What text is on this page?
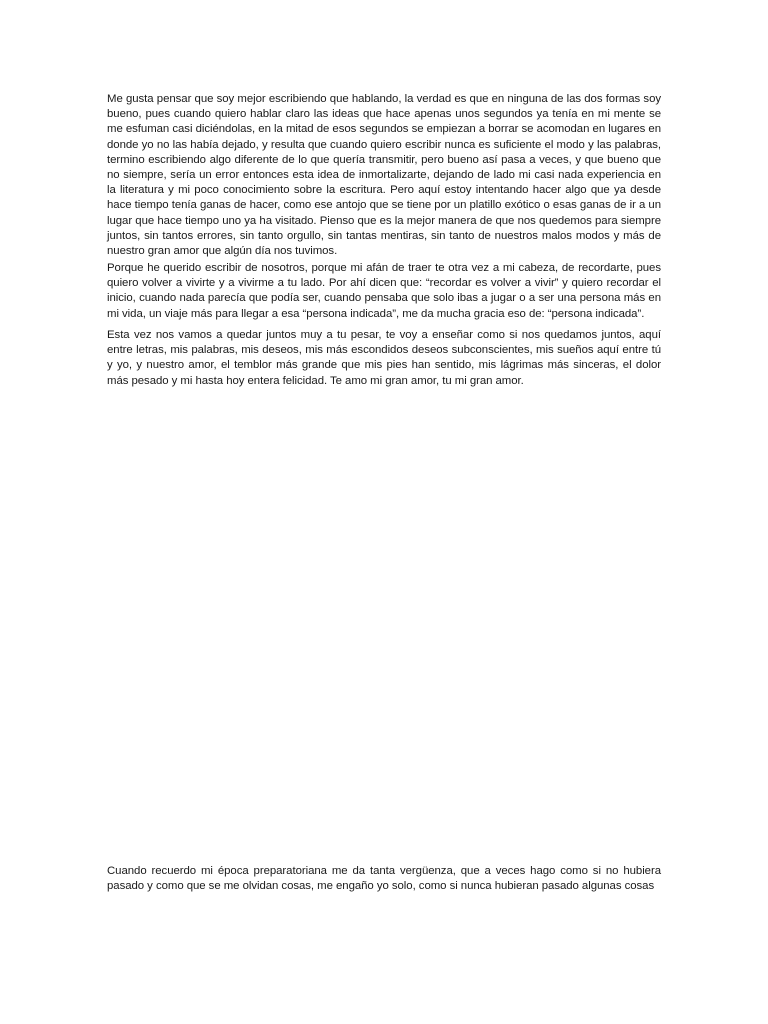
Me gusta pensar que soy mejor escribiendo que hablando, la verdad es que en ninguna de las dos formas soy bueno, pues cuando quiero hablar claro las ideas que hace apenas unos segundos ya tenía en mi mente se me esfuman casi diciéndolas, en la mitad de esos segundos se empiezan a borrar se acomodan en lugares en donde yo no las había dejado, y resulta que cuando quiero escribir nunca es suficiente el modo y las palabras, termino escribiendo algo diferente de lo que quería transmitir, pero bueno así pasa a veces, y que bueno que no siempre, sería un error entonces esta idea de inmortalizarte, dejando de lado mi casi nada experiencia en la literatura y mi poco conocimiento sobre la escritura. Pero aquí estoy intentando hacer algo que ya desde hace tiempo tenía ganas de hacer, como ese antojo que se tiene por un platillo exótico o esas ganas de ir a un lugar que hace tiempo uno ya ha visitado. Pienso que es la mejor manera de que nos quedemos para siempre juntos, sin tantos errores, sin tanto orgullo, sin tantas mentiras, sin tanto de nuestros malos modos y más de nuestro gran amor que algún día nos tuvimos.

Porque he querido escribir de nosotros, porque mi afán de traer te otra vez a mi cabeza, de recordarte, pues quiero volver a vivirte y a vivirme a tu lado. Por ahí dicen que: “recordar es volver a vivir” y quiero recordar el inicio, cuando nada parecía que podía ser, cuando pensaba que solo ibas a jugar o a ser una persona más en mi vida, un viaje más para llegar a esa “persona indicada”, me da mucha gracia eso de: “persona indicada”.

Esta vez nos vamos a quedar juntos muy a tu pesar, te voy a enseñar como si nos quedamos juntos, aquí entre letras, mis palabras, mis deseos, mis más escondidos deseos subconscientes, mis sueños aquí entre tú y yo, y nuestro amor, el temblor más grande que mis pies han sentido, mis lágrimas más sinceras, el dolor más pesado y mi hasta hoy entera felicidad. Te amo mi gran amor, tu mi gran amor.

Cuando recuerdo mi época preparatoriana me da tanta vergüenza, que a veces hago como si no hubiera pasado y como que se me olvidan cosas, me engaño yo solo, como si nunca hubieran pasado algunas cosas
